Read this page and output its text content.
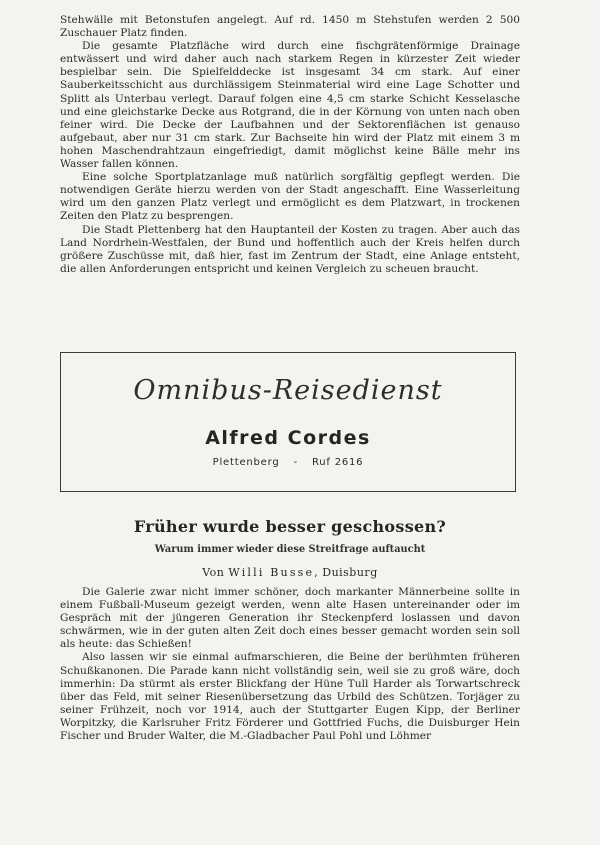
Stehwälle mit Betonstufen angelegt. Auf rd. 1450 m Stehstufen werden 2 500 Zuschauer Platz finden.

Die gesamte Platzfläche wird durch eine fischgrätenförmige Drainage entwässert und wird daher auch nach starkem Regen in kürzester Zeit wieder bespielbar sein. Die Spielfelddecke ist insgesamt 34 cm stark. Auf einer Sauberkeitsschicht aus durchlässigem Steinmaterial wird eine Lage Schotter und Splitt als Unterbau verlegt. Darauf folgen eine 4,5 cm starke Schicht Kesselasche und eine gleichstarke Decke aus Rotgrand, die in der Körnung von unten nach oben feiner wird. Die Decke der Laufbahnen und der Sektorenflächen ist genauso aufgebaut, aber nur 31 cm stark. Zur Bachseite hin wird der Platz mit einem 3 m hohen Maschendrahtzaun eingefriedigt, damit möglichst keine Bälle mehr ins Wasser fallen können.

Eine solche Sportplatzanlage muß natürlich sorgfältig gepflegt werden. Die notwendigen Geräte hierzu werden von der Stadt angeschafft. Eine Wasserleitung wird um den ganzen Platz verlegt und ermöglicht es dem Platzwart, in trockenen Zeiten den Platz zu besprengen.

Die Stadt Plettenberg hat den Hauptanteil der Kosten zu tragen. Aber auch das Land Nordrhein-Westfalen, der Bund und hoffentlich auch der Kreis helfen durch größere Zuschüsse mit, daß hier, fast im Zentrum der Stadt, eine Anlage entsteht, die allen Anforderungen entspricht und keinen Vergleich zu scheuen braucht.

Omnibus-Reisedienst
Alfred Cordes
Plettenberg - Ruf 2616
Früher wurde besser geschossen?
Warum immer wieder diese Streitfrage auftaucht
Von Willi Busse, Duisburg

Die Galerie zwar nicht immer schöner, doch markanter Männerbeine sollte in einem Fußball-Museum gezeigt werden, wenn alte Hasen untereinander oder im Gespräch mit der jüngeren Generation ihr Steckenpferd loslassen und davon schwärmen, wie in der guten alten Zeit doch eines besser gemacht worden sein soll als heute: das Schießen!

Also lassen wir sie einmal aufmarschieren, die Beine der berühmten früheren Schußkanonen. Die Parade kann nicht vollständig sein, weil sie zu groß wäre, doch immerhin: Da stürmt als erster Blickfang der Hüne Tull Harder als Torwartschreck über das Feld, mit seiner Riesenübersetzung das Urbild des Schützen. Torjäger zu seiner Frühzeit, noch vor 1914, auch der Stuttgarter Eugen Kipp, der Berliner Worpitzky, die Karlsruher Fritz Förderer und Gottfried Fuchs, die Duisburger Hein Fischer und Bruder Walter, die M.-Gladbacher Paul Pohl und Löhmer
